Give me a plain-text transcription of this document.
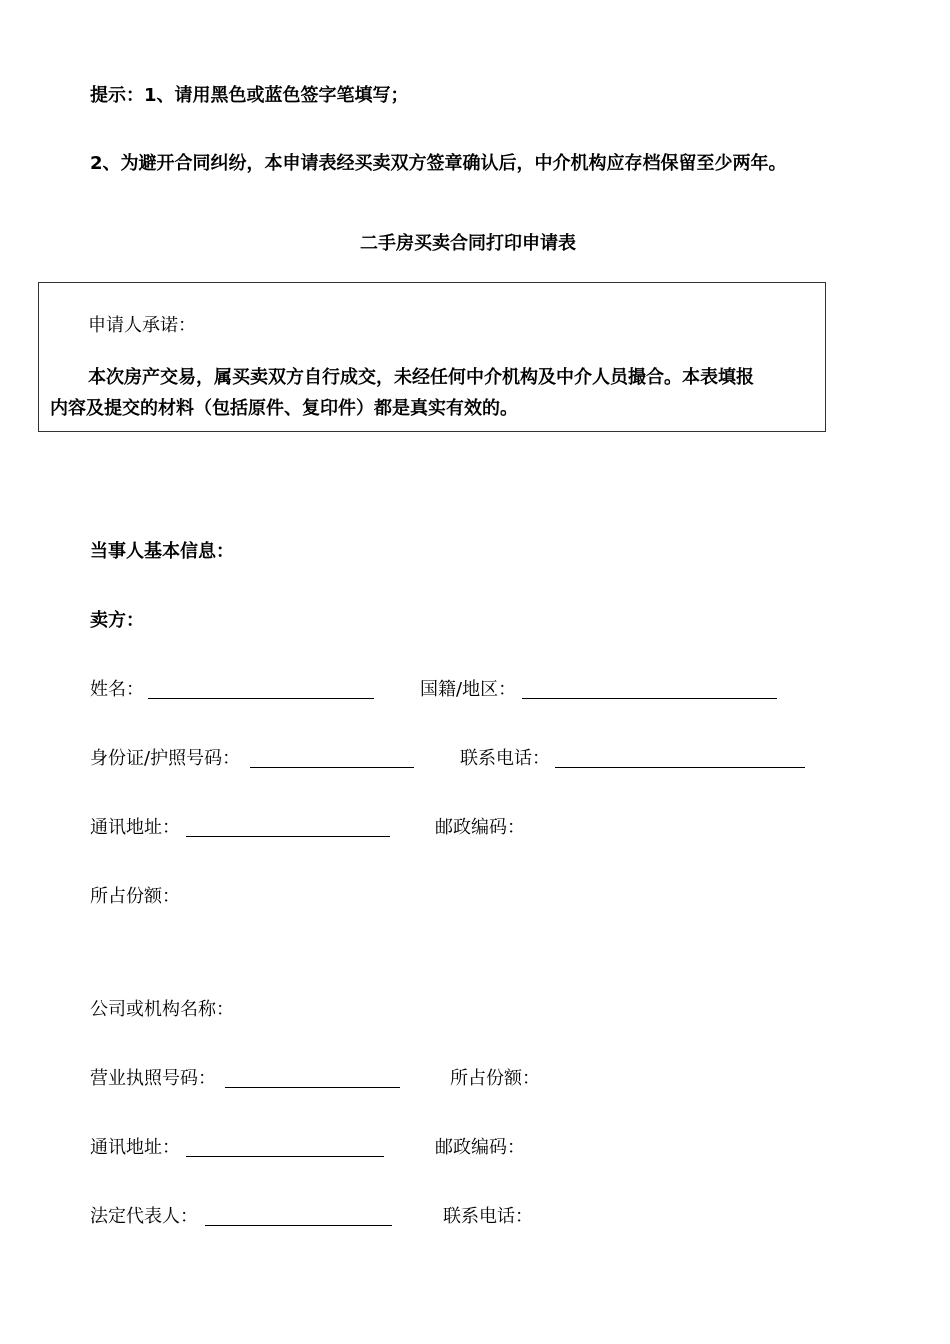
提示：1、请用黑色或蓝色签字笔填写；
2、为避开合同纠纷，本申请表经买卖双方签章确认后，中介机构应存档保留至少两年。
二手房买卖合同打印申请表
申请人承诺：
本次房产交易，属买卖双方自行成交，未经任何中介机构及中介人员撮合。本表填报
内容及提交的材料（包括原件、复印件）都是真实有效的。
当事人基本信息：
卖方：
姓名：	国籍/地区：
身份证/护照号码：	联系电话：
通讯地址：	邮政编码：
所占份额：
公司或机构名称：
营业执照号码：	所占份额：
通讯地址：	邮政编码：
法定代表人：	联系电话：
